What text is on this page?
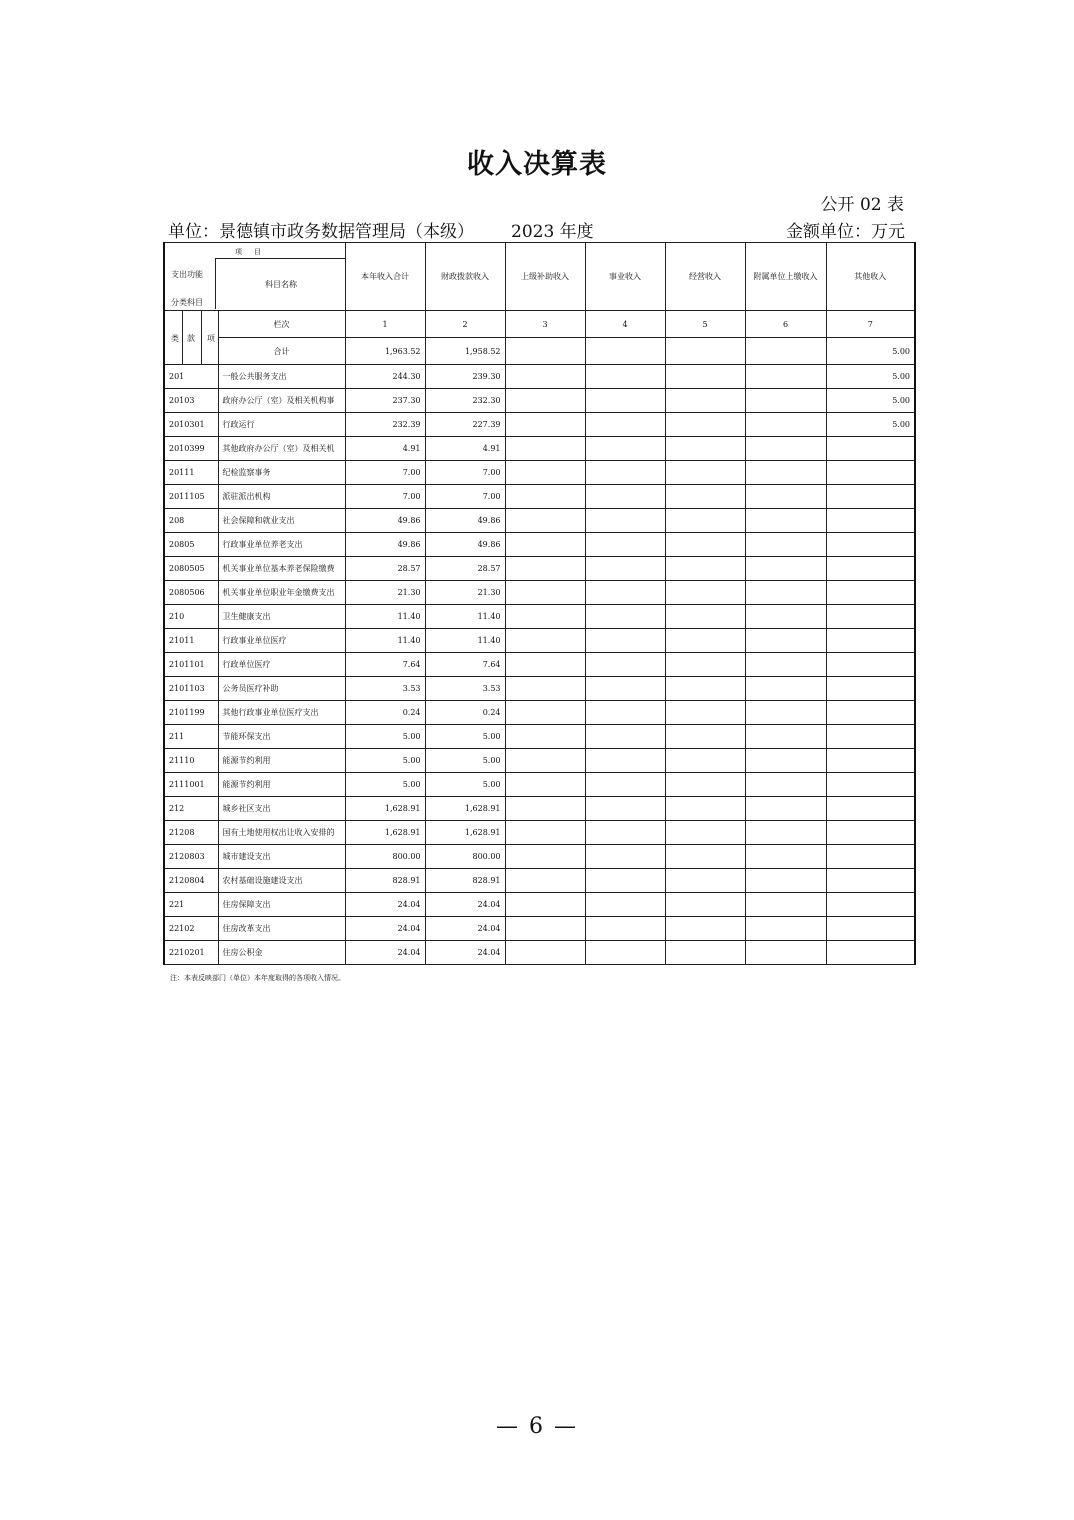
收入决算表
公开 02 表
单位：景德镇市政务数据管理局（本级） 2023 年度	金额单位：万元
项目
支出功能
分类科目
科目名称		本年收入合计	财政拨款收入	上级补助收入	事业收入	经营收入	附属单位上缴收入	其他收入

类 款 项	栏次	1	2	3	4	5	6	7
	合计	1,963.52	1,958.52					5.00
201	一般公共服务支出	244.30	239.30					5.00
20103	政府办公厅（室）及相关机构事	237.30	232.30					5.00
2010301	行政运行	232.39	227.39					5.00
2010399	其他政府办公厅（室）及相关机	4.91	4.91					
20111	纪检监察事务	7.00	7.00					
2011105	派驻派出机构	7.00	7.00					
208	社会保障和就业支出	49.86	49.86					
20805	行政事业单位养老支出	49.86	49.86					
2080505	机关事业单位基本养老保险缴费	28.57	28.57					
2080506	机关事业单位职业年金缴费支出	21.30	21.30					
210	卫生健康支出	11.40	11.40					
21011	行政事业单位医疗	11.40	11.40					
2101101	行政单位医疗	7.64	7.64					
2101103	公务员医疗补助	3.53	3.53					
2101199	其他行政事业单位医疗支出	0.24	0.24					
211	节能环保支出	5.00	5.00					
21110	能源节约利用	5.00	5.00					
2111001	能源节约利用	5.00	5.00					
212	城乡社区支出	1,628.91	1,628.91					
21208	国有土地使用权出让收入安排的	1,628.91	1,628.91					
2120803	城市建设支出	800.00	800.00					
2120804	农村基础设施建设支出	828.91	828.91					
221	住房保障支出	24.04	24.04					
22102	住房改革支出	24.04	24.04					
2210201	住房公积金	24.04	24.04					
注：本表反映部门（单位）本年度取得的各项收入情况。
— 6 —
